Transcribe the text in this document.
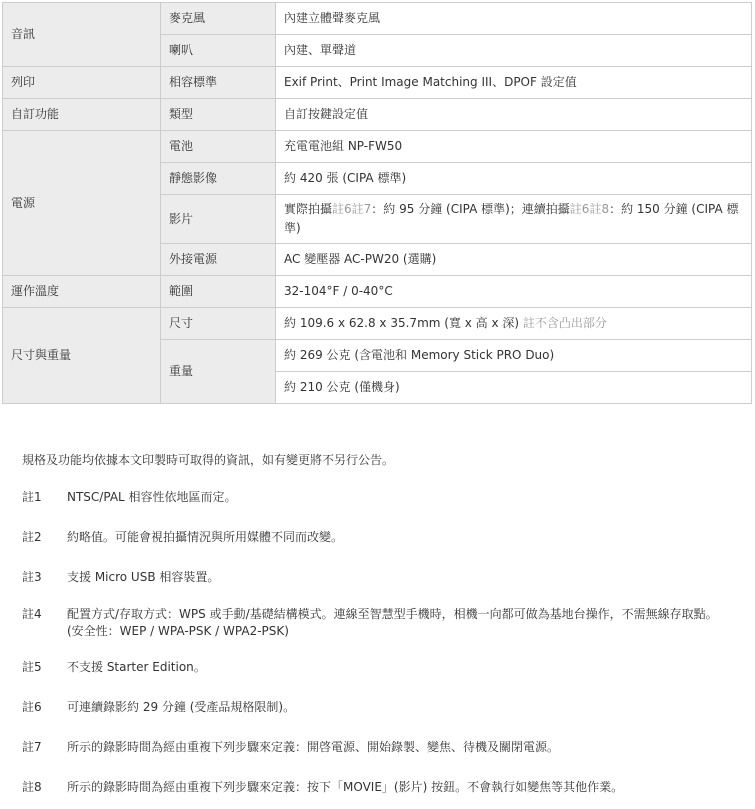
音訊	麥克風	內建立體聲麥克風
	喇叭	內建、單聲道
列印	相容標準	Exif Print、Print Image Matching III、DPOF 設定值
自訂功能	類型	自訂按鍵設定值
電源	電池	充電電池組 NP-FW50
	靜態影像	約 420 張 (CIPA 標準)
	影片	實際拍攝註6註7：約 95 分鐘 (CIPA 標準)；連續拍攝註6註8：約 150 分鐘 (CIPA 標準)
	外接電源	AC 變壓器 AC-PW20 (選購)
運作溫度	範圍	32-104°F / 0-40°C
尺寸與重量	尺寸	約 109.6 x 62.8 x 35.7mm (寬 x 高 x 深) 註不含凸出部分
	重量	約 269 公克 (含電池和 Memory Stick PRO Duo)
		約 210 公克 (僅機身)
規格及功能均依據本文印製時可取得的資訊，如有變更將不另行公告。
註1 NTSC/PAL 相容性依地區而定。
註2 約略值。可能會視拍攝情況與所用媒體不同而改變。
註3 支援 Micro USB 相容裝置。
註4 配置方式/存取方式：WPS 或手動/基礎結構模式。連線至智慧型手機時，相機一向都可做為基地台操作，不需無線存取點。
(安全性：WEP / WPA-PSK / WPA2-PSK)
註5 不支援 Starter Edition。
註6 可連續錄影約 29 分鐘 (受產品規格限制)。
註7 所示的錄影時間為經由重複下列步驟來定義：開啓電源、開始錄製、變焦、待機及關閉電源。
註8 所示的錄影時間為經由重複下列步驟來定義：按下「MOVIE」(影片) 按鈕。不會執行如變焦等其他作業。
